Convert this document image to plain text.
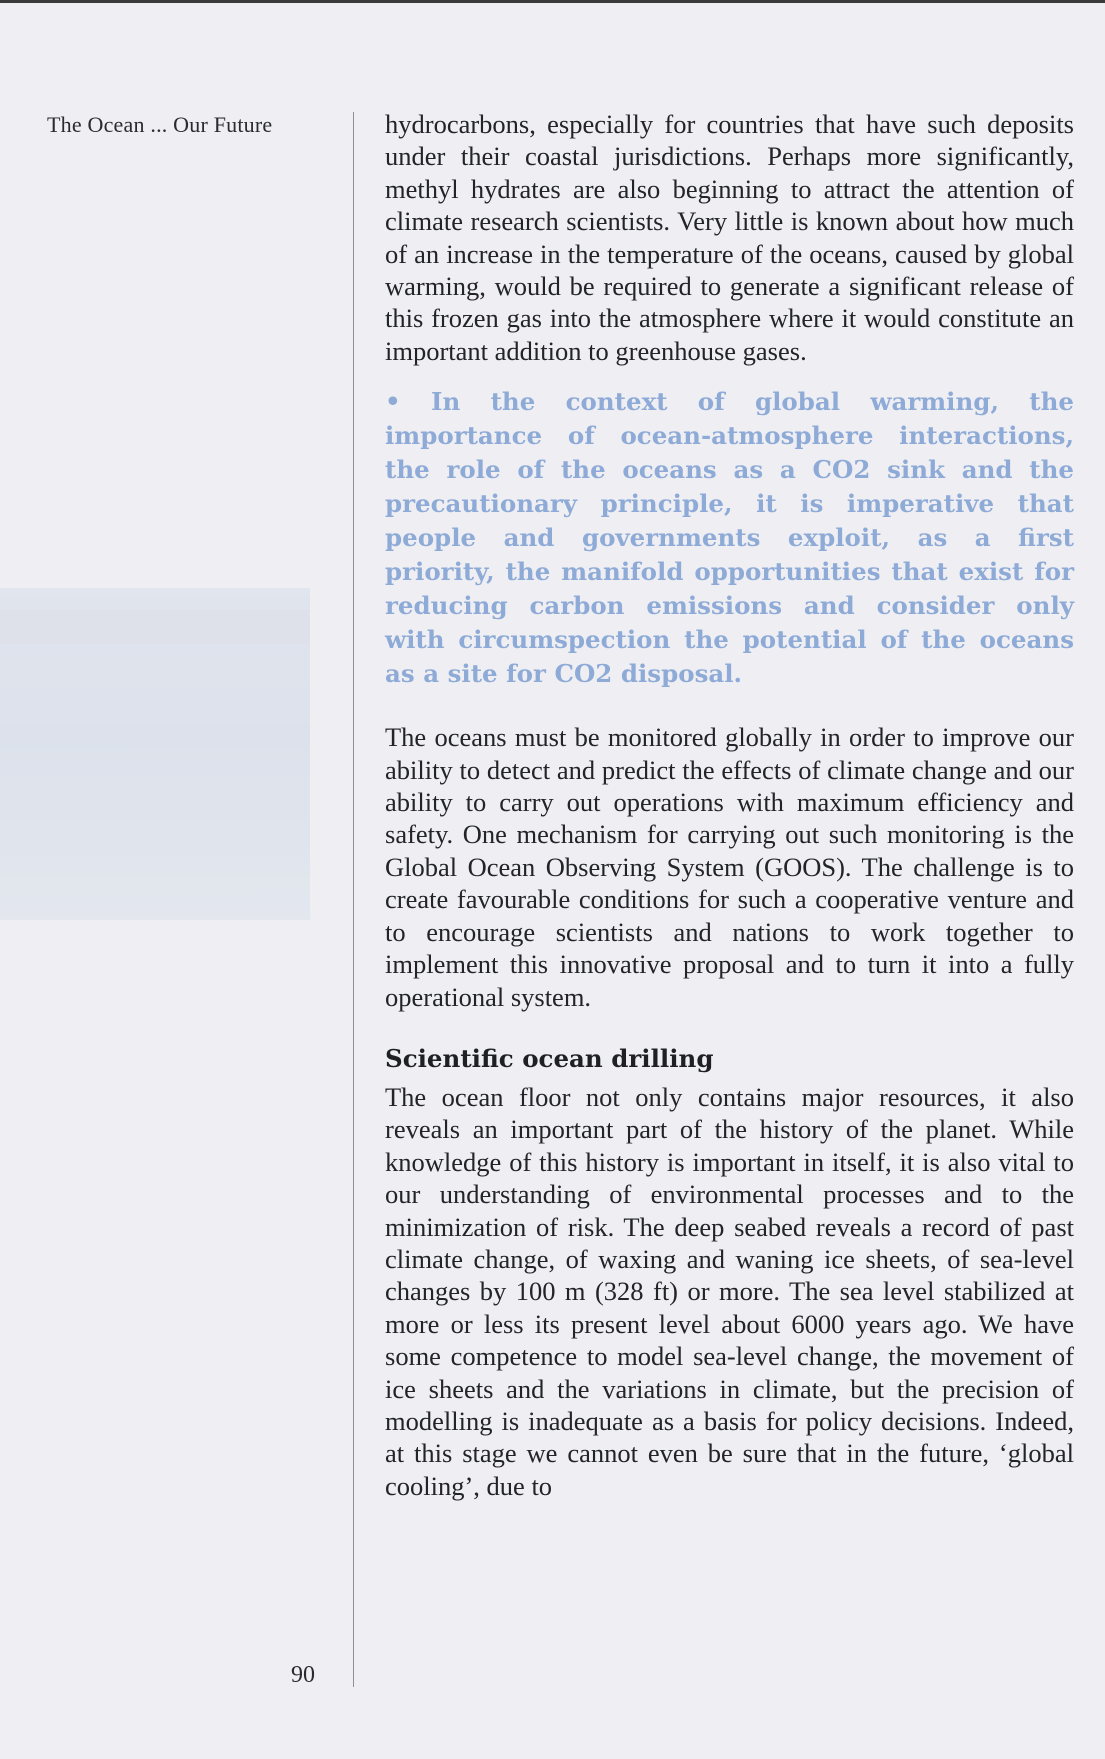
The Ocean ... Our Future	hydrocarbons, especially for countries that have such deposits under their coastal jurisdictions. Perhaps more significantly, methyl hydrates are also beginning to attract the attention of climate research scientists. Very little is known about how much of an increase in the temperature of the oceans, caused by global warming, would be required to generate a significant release of this frozen gas into the atmosphere where it would constitute an important addition to greenhouse gases.

• In the context of global warming, the importance of ocean-atmosphere interactions, the role of the oceans as a CO2 sink and the precautionary principle, it is imperative that people and governments exploit, as a first priority, the manifold opportunities that exist for reducing carbon emissions and consider only with circumspection the potential of the oceans as a site for CO2 disposal.

The oceans must be monitored globally in order to improve our ability to detect and predict the effects of climate change and our ability to carry out operations with maximum efficiency and safety. One mechanism for carrying out such monitoring is the Global Ocean Observing System (GOOS). The challenge is to create favourable conditions for such a cooperative venture and to encourage scientists and nations to work together to implement this innovative proposal and to turn it into a fully operational system.

Scientific ocean drilling

The ocean floor not only contains major resources, it also reveals an important part of the history of the planet. While knowledge of this history is important in itself, it is also vital to our understanding of environmental processes and to the minimization of risk. The deep seabed reveals a record of past climate change, of waxing and waning ice sheets, of sea-level changes by 100 m (328 ft) or more. The sea level stabilized at more or less its present level about 6000 years ago. We have some competence to model sea-level change, the movement of ice sheets and the variations in climate, but the precision of modelling is inadequate as a basis for policy decisions. Indeed, at this stage we cannot even be sure that in the future, ‘global cooling’, due to

90
